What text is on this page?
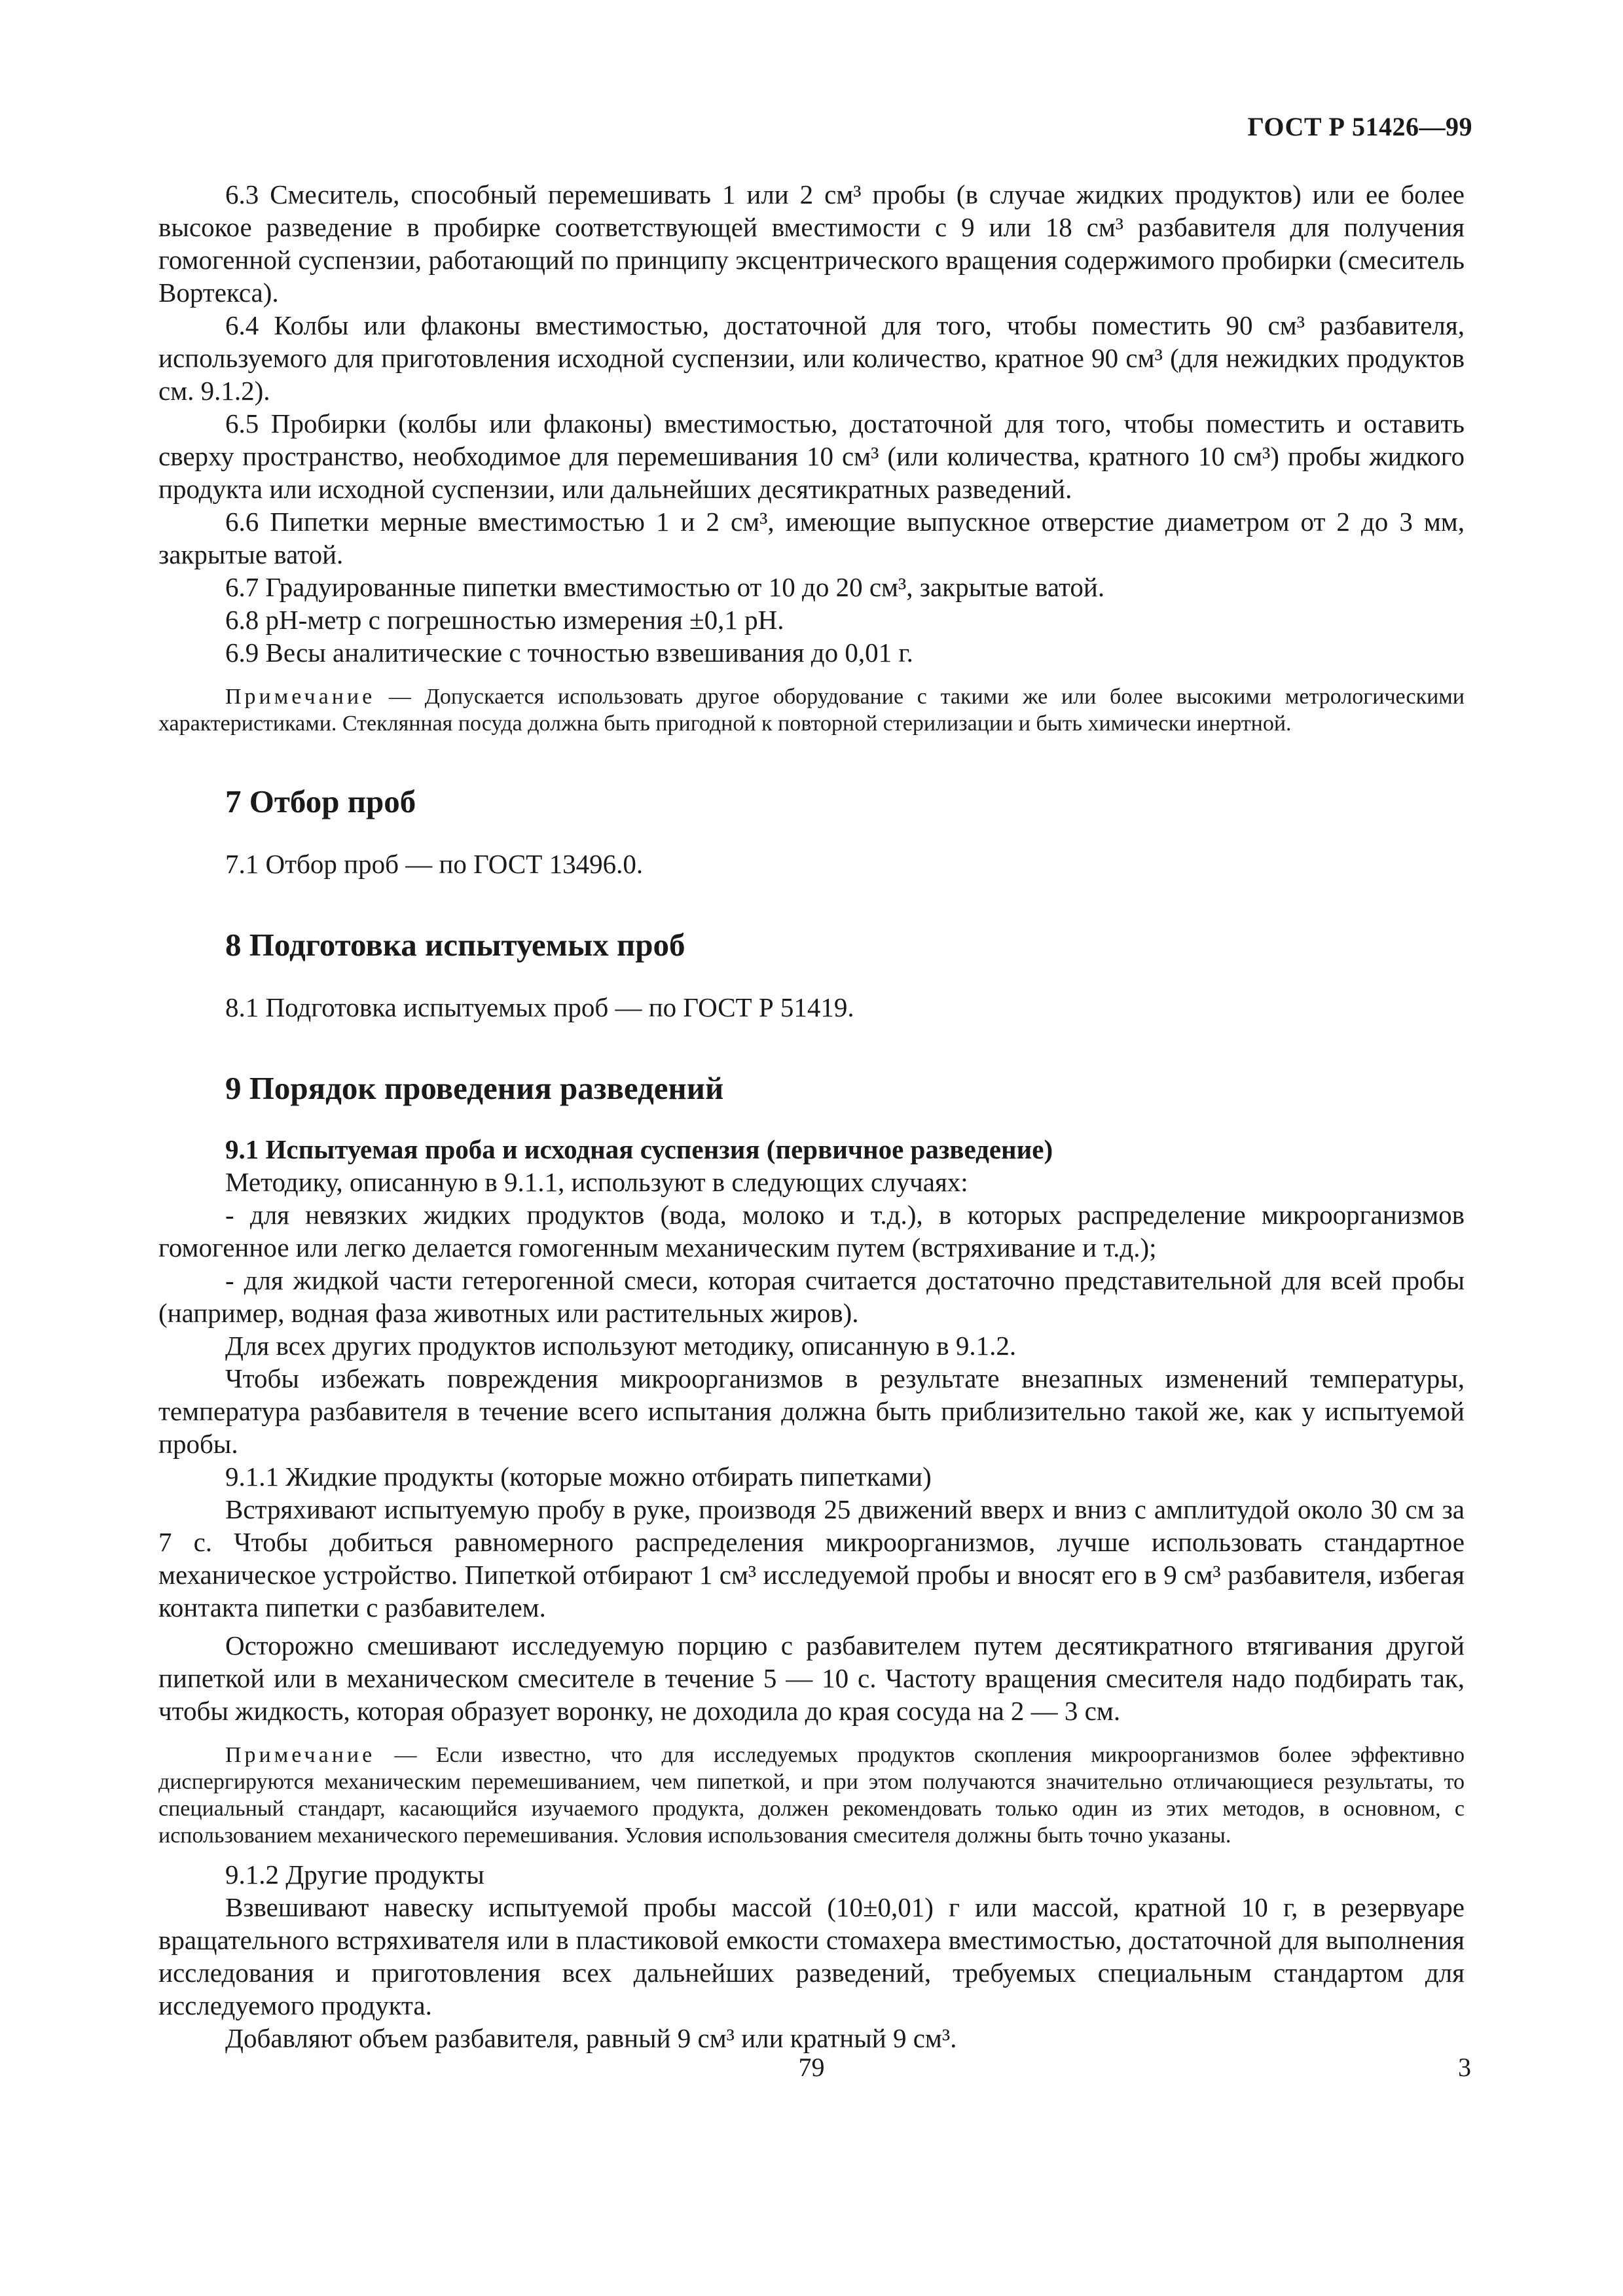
ГОСТ Р 51426—99

6.3 Смеситель, способный перемешивать 1 или 2 см³ пробы (в случае жидких продуктов) или ее более высокое разведение в пробирке соответствующей вместимости с 9 или 18 см³ разбавителя для получения гомогенной суспензии, работающий по принципу эксцентрического вращения содержимого пробирки (смеситель Вортекса).

6.4 Колбы или флаконы вместимостью, достаточной для того, чтобы поместить 90 см³ разбавителя, используемого для приготовления исходной суспензии, или количество, кратное 90 см³ (для нежидких продуктов см. 9.1.2).

6.5 Пробирки (колбы или флаконы) вместимостью, достаточной для того, чтобы поместить и оставить сверху пространство, необходимое для перемешивания 10 см³ (или количества, кратного 10 см³) пробы жидкого продукта или исходной суспензии, или дальнейших десятикратных разведений.

6.6 Пипетки мерные вместимостью 1 и 2 см³, имеющие выпускное отверстие диаметром от 2 до 3 мм, закрытые ватой.

6.7 Градуированные пипетки вместимостью от 10 до 20 см³, закрытые ватой.

6.8 рН-метр с погрешностью измерения ±0,1 рН.

6.9 Весы аналитические с точностью взвешивания до 0,01 г.

Примечание — Допускается использовать другое оборудование с такими же или более высокими метрологическими характеристиками. Стеклянная посуда должна быть пригодной к повторной стерилизации и быть химически инертной.

7 Отбор проб

7.1 Отбор проб — по ГОСТ 13496.0.

8 Подготовка испытуемых проб

8.1 Подготовка испытуемых проб — по ГОСТ Р 51419.

9 Порядок проведения разведений

9.1 Испытуемая проба и исходная суспензия (первичное разведение)

Методику, описанную в 9.1.1, используют в следующих случаях:

- для невязких жидких продуктов (вода, молоко и т.д.), в которых распределение микроорганизмов гомогенное или легко делается гомогенным механическим путем (встряхивание и т.д.);

- для жидкой части гетерогенной смеси, которая считается достаточно представительной для всей пробы (например, водная фаза животных или растительных жиров).

Для всех других продуктов используют методику, описанную в 9.1.2.

Чтобы избежать повреждения микроорганизмов в результате внезапных изменений температуры, температура разбавителя в течение всего испытания должна быть приблизительно такой же, как у испытуемой пробы.

9.1.1 Жидкие продукты (которые можно отбирать пипетками)

Встряхивают испытуемую пробу в руке, производя 25 движений вверх и вниз с амплитудой около 30 см за 7 с. Чтобы добиться равномерного распределения микроорганизмов, лучше использовать стандартное механическое устройство. Пипеткой отбирают 1 см³ исследуемой пробы и вносят его в 9 см³ разбавителя, избегая контакта пипетки с разбавителем.

Осторожно смешивают исследуемую порцию с разбавителем путем десятикратного втягивания другой пипеткой или в механическом смесителе в течение 5 — 10 с. Частоту вращения смесителя надо подбирать так, чтобы жидкость, которая образует воронку, не доходила до края сосуда на 2 — 3 см.

Примечание — Если известно, что для исследуемых продуктов скопления микроорганизмов более эффективно диспергируются механическим перемешиванием, чем пипеткой, и при этом получаются значительно отличающиеся результаты, то специальный стандарт, касающийся изучаемого продукта, должен рекомендовать только один из этих методов, в основном, с использованием механического перемешивания. Условия использования смесителя должны быть точно указаны.

9.1.2 Другие продукты

Взвешивают навеску испытуемой пробы массой (10±0,01) г или массой, кратной 10 г, в резервуаре вращательного встряхивателя или в пластиковой емкости стомахера вместимостью, достаточной для выполнения исследования и приготовления всех дальнейших разведений, требуемых специальным стандартом для исследуемого продукта.

Добавляют объем разбавителя, равный 9 см³ или кратный 9 см³.

79	3
